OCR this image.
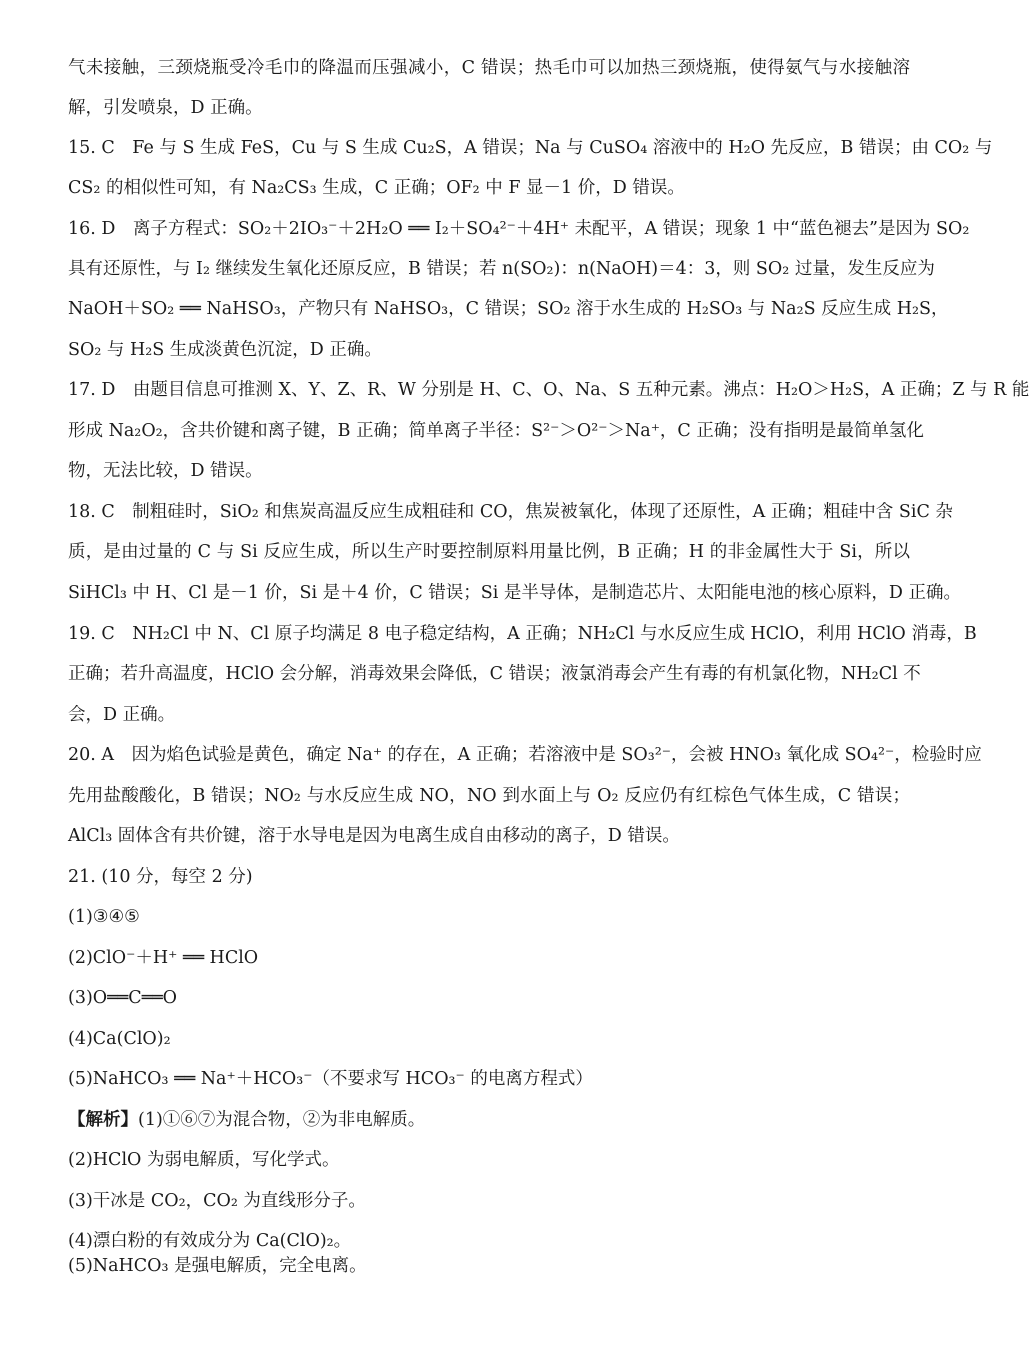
气未接触，三颈烧瓶受冷毛巾的降温而压强减小，C 错误；热毛巾可以加热三颈烧瓶，使得氨气与水接触溶
解，引发喷泉，D 正确。
15. C　Fe 与 S 生成 FeS，Cu 与 S 生成 Cu₂S，A 错误；Na 与 CuSO₄ 溶液中的 H₂O 先反应，B 错误；由 CO₂ 与
CS₂ 的相似性可知，有 Na₂CS₃ 生成，C 正确；OF₂ 中 F 显－1 价，D 错误。
16. D　离子方程式：SO₂＋2IO₃⁻＋2H₂O ══ I₂＋SO₄²⁻＋4H⁺ 未配平，A 错误；现象 1 中“蓝色褪去”是因为 SO₂
具有还原性，与 I₂ 继续发生氧化还原反应，B 错误；若 n(SO₂)：n(NaOH)＝4：3，则 SO₂ 过量，发生反应为
NaOH＋SO₂ ══ NaHSO₃，产物只有 NaHSO₃，C 错误；SO₂ 溶于水生成的 H₂SO₃ 与 Na₂S 反应生成 H₂S，
SO₂ 与 H₂S 生成淡黄色沉淀，D 正确。
17. D　由题目信息可推测 X、Y、Z、R、W 分别是 H、C、O、Na、S 五种元素。沸点：H₂O＞H₂S，A 正确；Z 与 R 能
形成 Na₂O₂，含共价键和离子键，B 正确；简单离子半径：S²⁻＞O²⁻＞Na⁺，C 正确；没有指明是最简单氢化
物，无法比较，D 错误。
18. C　制粗硅时，SiO₂ 和焦炭高温反应生成粗硅和 CO，焦炭被氧化，体现了还原性，A 正确；粗硅中含 SiC 杂
质，是由过量的 C 与 Si 反应生成，所以生产时要控制原料用量比例，B 正确；H 的非金属性大于 Si，所以
SiHCl₃ 中 H、Cl 是－1 价，Si 是＋4 价，C 错误；Si 是半导体，是制造芯片、太阳能电池的核心原料，D 正确。
19. C　NH₂Cl 中 N、Cl 原子均满足 8 电子稳定结构，A 正确；NH₂Cl 与水反应生成 HClO，利用 HClO 消毒，B
正确；若升高温度，HClO 会分解，消毒效果会降低，C 错误；液氯消毒会产生有毒的有机氯化物，NH₂Cl 不
会，D 正确。
20. A　因为焰色试验是黄色，确定 Na⁺ 的存在，A 正确；若溶液中是 SO₃²⁻，会被 HNO₃ 氧化成 SO₄²⁻，检验时应
先用盐酸酸化，B 错误；NO₂ 与水反应生成 NO，NO 到水面上与 O₂ 反应仍有红棕色气体生成，C 错误；
AlCl₃ 固体含有共价键，溶于水导电是因为电离生成自由移动的离子，D 错误。
21. (10 分，每空 2 分)
(1)③④⑤
(2)ClO⁻＋H⁺ ══ HClO
(3)O══C══O
(4)Ca(ClO)₂
(5)NaHCO₃ ══ Na⁺＋HCO₃⁻（不要求写 HCO₃⁻ 的电离方程式）
【解析】(1)①⑥⑦为混合物，②为非电解质。
(2)HClO 为弱电解质，写化学式。
(3)干冰是 CO₂，CO₂ 为直线形分子。
(4)漂白粉的有效成分为 Ca(ClO)₂。
(5)NaHCO₃ 是强电解质，完全电离。
